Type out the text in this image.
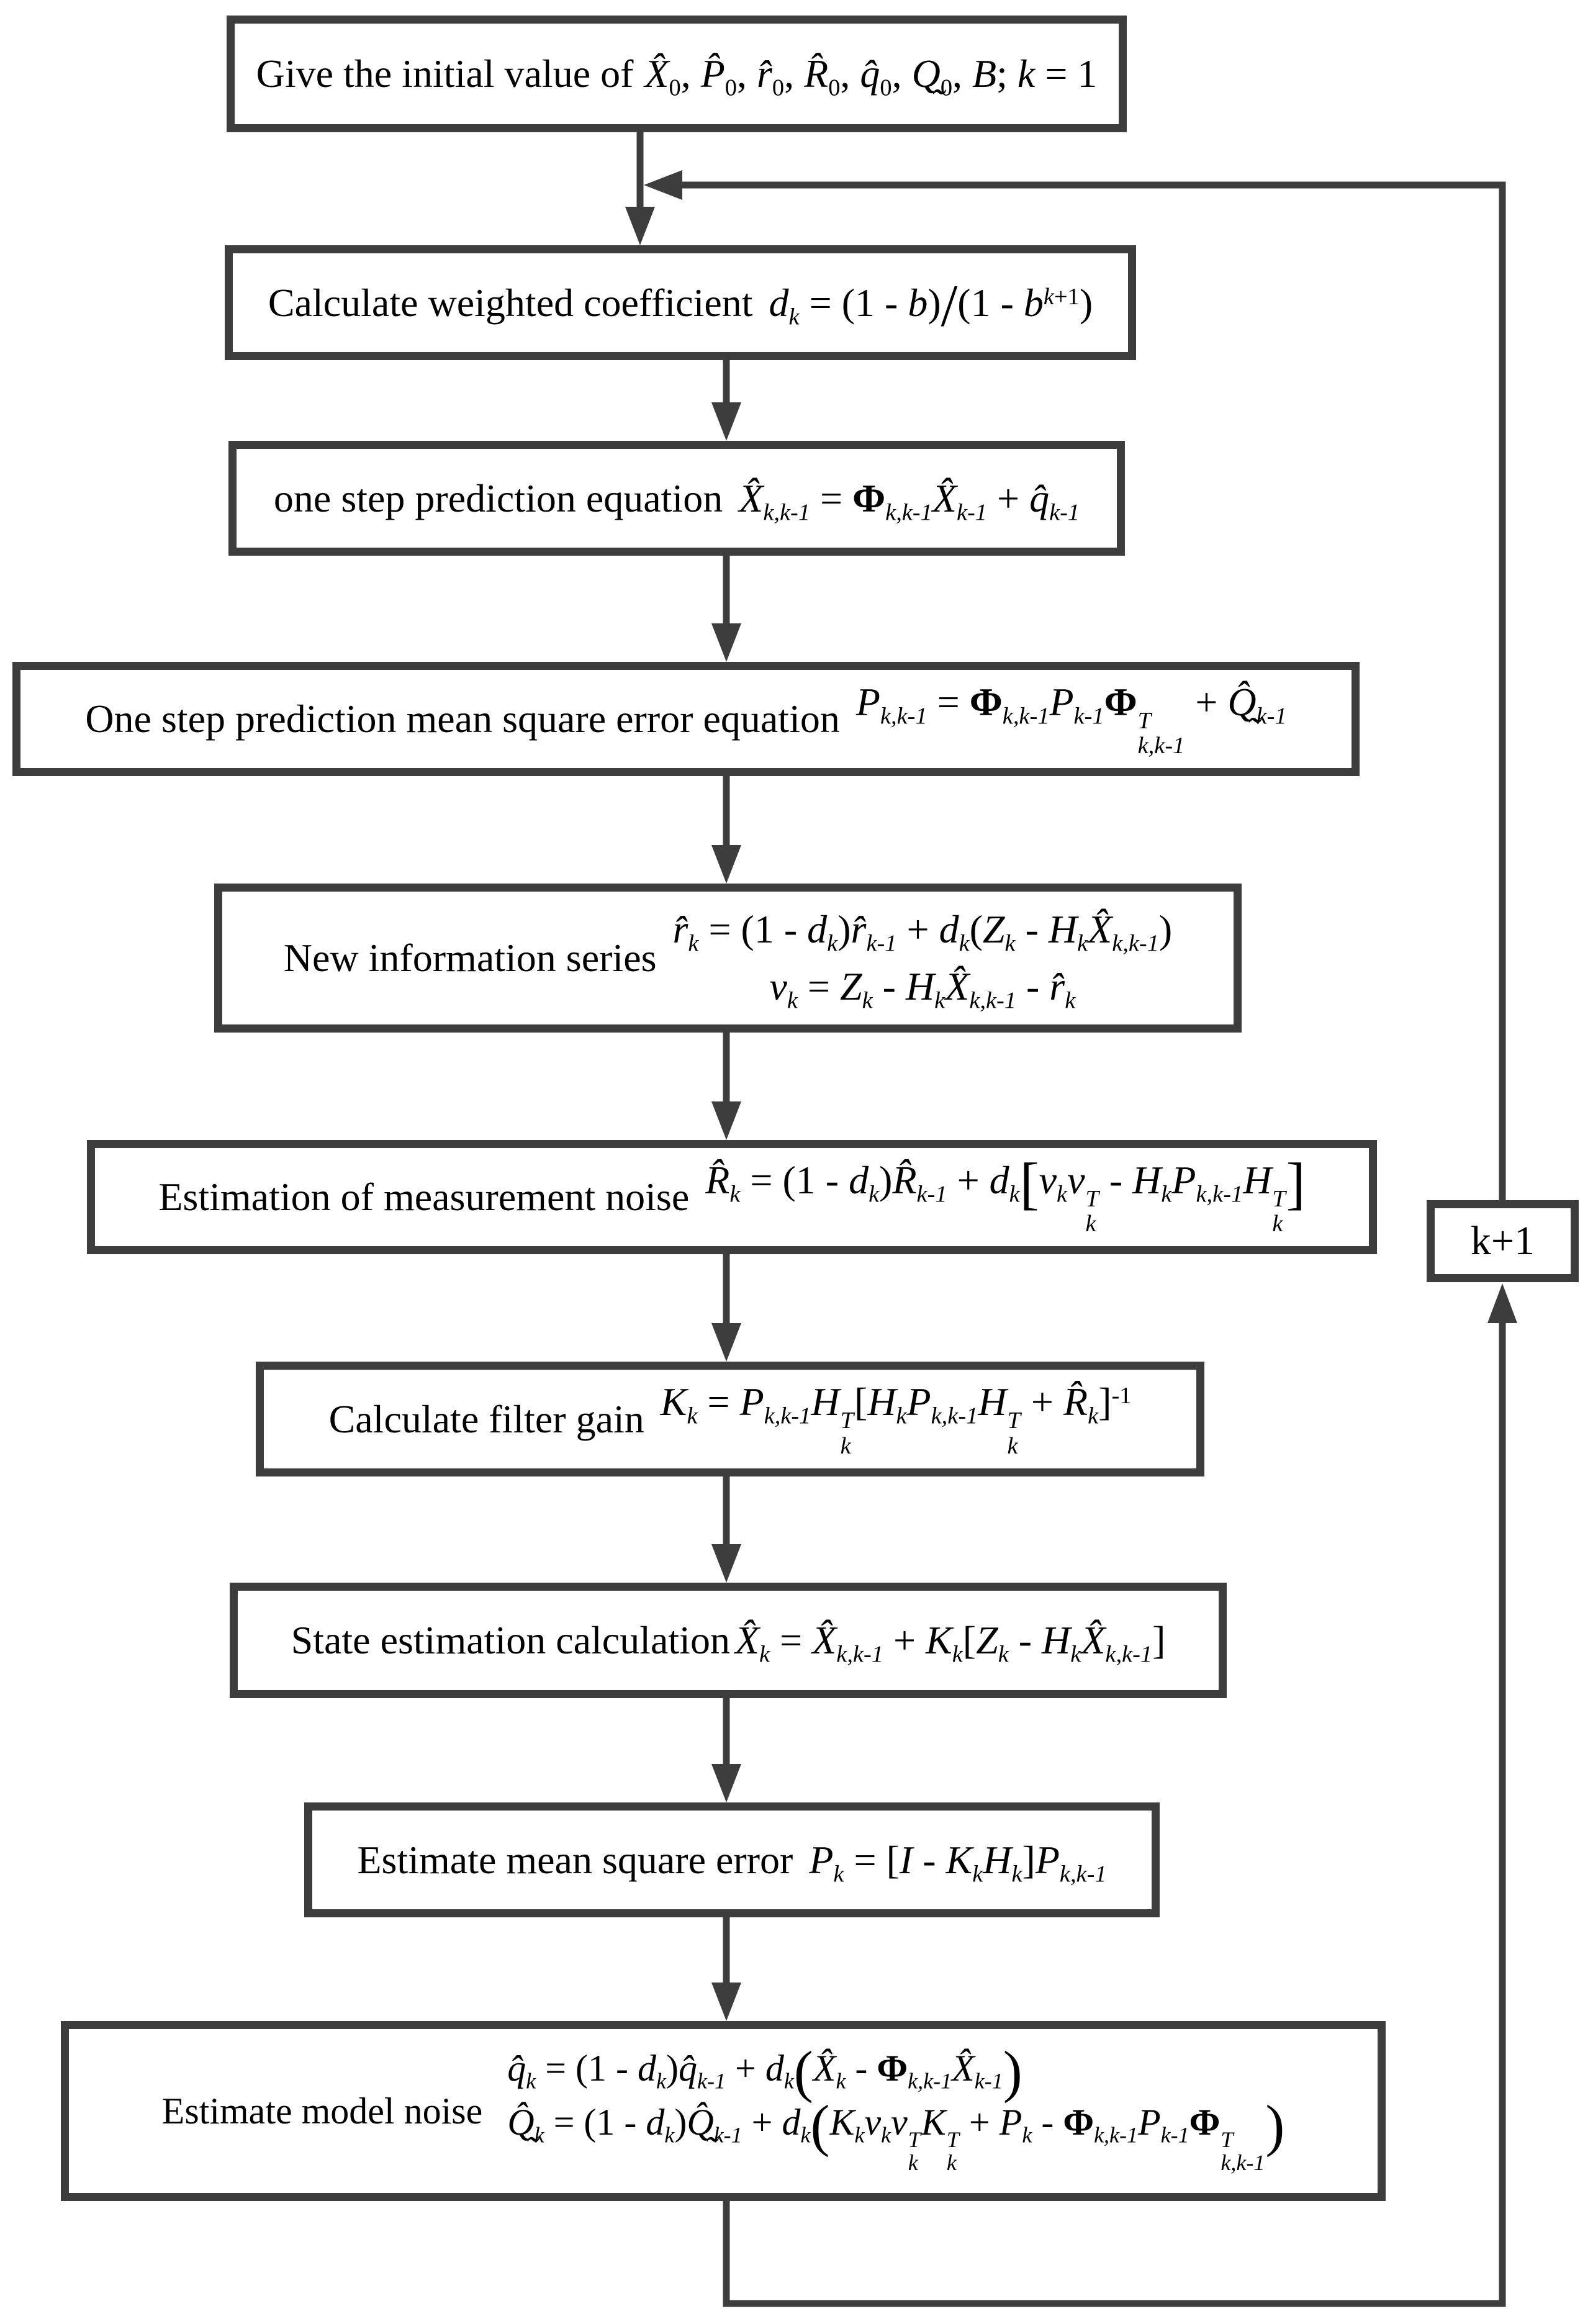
Give the initial value of $X̂_0$, $P̂_0$, $r̂_0$, $R̂_0$, $q̂_0$, $Q̰_0$, B; k = 1
Calculate weighted coefficient $d_k = (1 - b)/(1 - b^{k+1})$
one step prediction equation $X̂_{k,k-1}$ = $\Phi_{k,k-1}X̂_{k-1}$ + $q̂_{k-1}$
One step prediction mean square error equation $P_{k,k-1} = \Phi_{k,k-1}P_{k-1}\Phi$ T
k,k-1
+ $Q̰̂_{k-1}$
New information series
$r̂_k = (1$ - $d_k)r̂_{k-1} + d_k(Z_k$ - $H_kX̂_{k,k-1}$)
$\nu_k = Z_k$ - $H_kX̂_{k,k-1}$ - $r̂_k$
Estimation of measurement noise $R̂_k = (1$ - $d_k)R̂_{k-1} + d_k[\nu_k\nu$ T
k
- $H_kP_{k,k-1}H$ T
k
]
Calculate filter gain $K_k = P_{k,k-1}H$ T
k
[$H_kP_{k,k-1}H$ T
k
+ $R̂_k]^{-1}$
State estimation calculation $X̂_k$ = $X̂_{k,k-1} + K_k[Z_k$ - $H_kX̂_{k,k-1}$]
Estimate mean square error $P_k = [I - K_kH_k]P_{k,k-1}$
Estimate model noise
$q̂_k = (1$ - $d_k)q̂_{k-1}$ + $d_k(X̂_k$ - $\Phi_{k,k-1}X̂_{k-1}$)
$Q̰̂_k = (1$ - $d_k)Q̰̂_{k-1} + d_k(K_k\nu_k\nu$ T
k
K T
k
+ $P_k - \Phi_{k,k-1}P_{k-1}\Phi$ T
k,k-1
)
k+1
